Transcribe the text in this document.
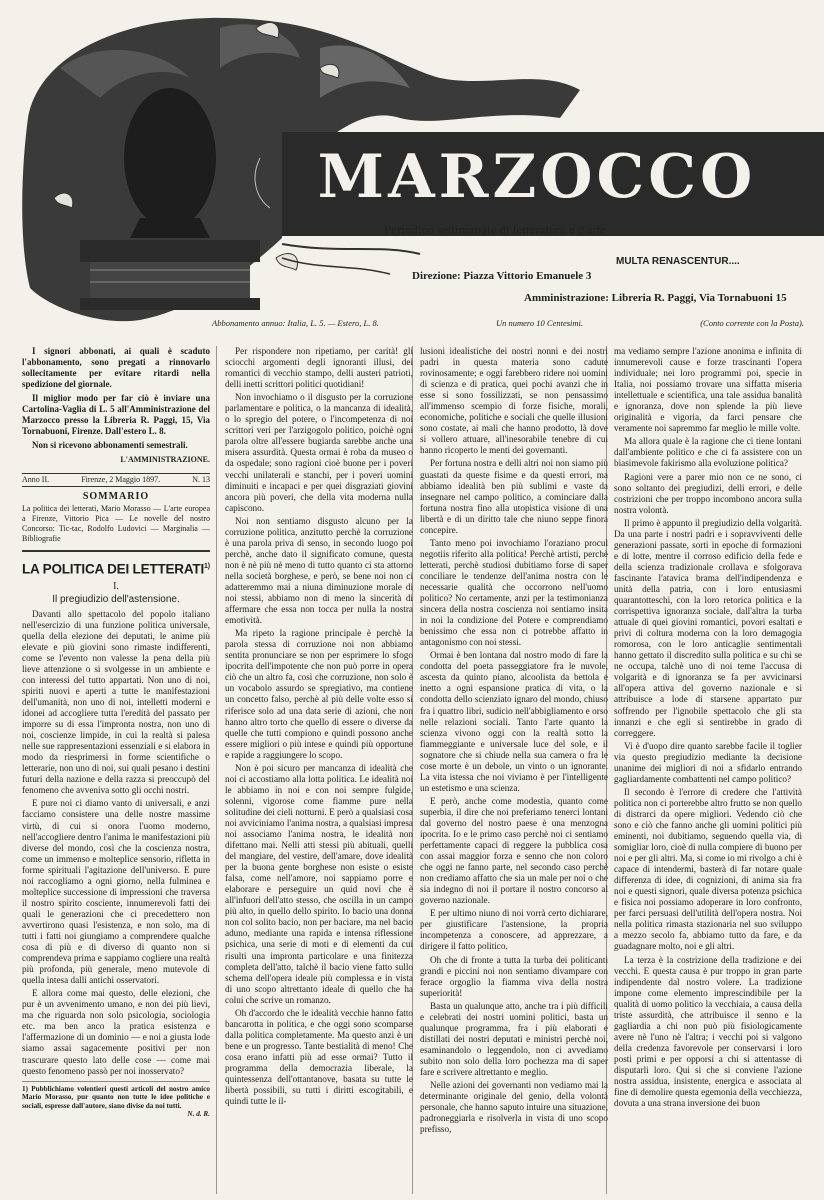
MARZOCCO
Periodico settimanale di letteratura e d'arte
MULTA RENASCENTUR....
Direzione: Piazza Vittorio Emanuele 3
Amministrazione: Libreria R. Paggi, Via Tornabuoni 15
Abbonamento annuo: Italia, L. 5. — Estero, L. 8.	Un numero 10 Centesimi.	(Conto corrente con la Posta).

I signori abbonati, ai quali è scaduto l'abbonamento, sono pregati a rinnovarlo sollecitamente per evitare ritardi nella spedizione del giornale.

Il miglior modo per far ciò è inviare una Cartolina-Vaglia di L. 5 all'Amministrazione del Marzocco presso la Libreria R. Paggi, 15, Via Tornabuoni, Firenze. Dall'estero L. 8.

Non si ricevono abbonamenti semestrali.

L'AMMINISTRAZIONE.

Anno II.	Firenze, 2 Maggio 1897.	N. 13
SOMMARIO
La politica dei letterati, Mario Morasso — L'arte europea a Firenze, Vittorio Pica — Le novelle del nostro Concorso: Tic-tac, Rodolfo Ludovici — Marginalia — Bibliografie
LA POLITICA DEI LETTERATI$^{1)}$
I.
Il pregiudizio dell'astensione.

Davanti allo spettacolo del popolo italiano nell'esercizio di una funzione politica universale, quella della elezione dei deputati, le anime più elevate e più giovini sono rimaste indifferenti, come se l'evento non valesse la pena della più lieve attenzione o si svolgesse in un ambiente e con interessi del tutto appartati. Non uno di noi, spiriti nuovi e aperti a tutte le manifestazioni dell'umanità, non uno di noi, intelletti moderni e idonei ad accogliere tutta l'eredità del passato per imporre su di essa l'impronta nostra, non uno di noi, coscienze limpide, in cui la realtà si palesa nelle sue rappresentazioni essenziali e si elabora in modo da riesprimersi in forme scientifiche o letterarie, non uno di noi, sui quali pesano i destini futuri della nazione e della razza si preoccupò del fenomeno che avveniva sotto gli occhi nostri.

E pure noi ci diamo vanto di universali, e anzi facciamo consistere una delle nostre massime virtù, di cui si onora l'uomo moderno, nell'accogliere dentro l'anima le manifestazioni più diverse del mondo, così che la coscienza nostra, come un immenso e molteplice sensorio, rifletta in forme spirituali l'agitazione dell'universo. E pure noi raccogliamo a ogni giorno, nella fulminea e molteplice successione di impressioni che traversa il nostro spirito cosciente, innumerevoli fatti dei quali le generazioni che ci precedettero non avvertirono quasi l'esistenza, e non solo, ma di tutti i fatti noi giungiamo a comprendere qualche cosa di più e di diverso di quanto non si comprendeva prima e sappiamo cogliere una realtà più profonda, più generale, meno mutevole di quella intesa dalli antichi osservatori.

E allora come mai questo, delle elezioni, che pur è un avvenimento umano, e non dei più lievi, ma che riguarda non solo psicologia, sociologia etc. ma ben anco la pratica esistenza e l'affermazione di un dominio — e noi a giusta lode siamo assai sagacemente positivi per non trascurare questo lato delle cose — come mai questo fenomeno passò per noi inosservato?

1) Pubblichiamo volentieri questi articoli del nostro amico Mario Morasso, pur quanto non tutte le idee politiche e sociali, espresse dall'autore, siano divise da noi tutti.
N. d. R.

Per rispondere non ripetiamo, per carità! gli sciocchi argomenti degli ignoranti illusi, dei romantici di vecchio stampo, delli austeri patrioti, delli inetti scrittori politici quotidiani!

Non invochiamo o il disgusto per la corruzione parlamentare e politica, o la mancanza di idealità, o lo spregio del potere, o l'incompetenza di noi scrittori veri per l'arzigogolo politico, poichè ogni parola oltre all'essere bugiarda sarebbe anche una misera assurdità. Questa ormai è roba da museo o da ospedale; sono ragioni cioè buone per i poveri vecchi unilaterali e stanchi, per i poveri uomini diminuiti e incapaci e per quei disgraziati giovini ancora più poveri, che della vita moderna nulla capiscono.

Noi non sentiamo disgusto alcuno per la corruzione politica, anzitutto perchè la corruzione è una parola priva di senso, in secondo luogo poi perchè, anche dato il significato comune, questa non è nè più nè meno di tutto quanto ci sta attorno nella società borghese, e però, se bene noi non ci adatteremmo mai a niuna diminuzione morale di noi stessi, abbiamo non di meno la sincerità di affermare che essa non tocca per nulla la nostra emotività.

Ma ripeto la ragione principale è perchè la parola stessa di corruzione noi non abbiamo sentita pronunciare se non per esprimere lo sfogo ipocrita dell'impotente che non può porre in opera ciò che un altro fa, così che corruzione, non solo è un vocabolo assurdo se spregiativo, ma contiene un concetto falso, perchè al più delle volte esso si riferisce solo ad una data serie di azioni, che non hanno altro torto che quello di essere o diverse da quelle che tutti compiono e quindi possono anche essere migliori o più intese e quindi più opportune e rapide a raggiungere lo scopo.

Non è poi sicuro per mancanza di idealità che noi ci accostiamo alla lotta politica. Le idealità noi le abbiamo in noi e con noi sempre fulgide, solenni, vigorose come fiamme pure nella solitudine dei cieli notturni. E però a qualsiasi cosa noi avviciniamo l'anima nostra, a qualsiasi impresa noi associamo l'anima nostra, le idealità non difettano mai. Nelli atti stessi più abituali, quelli del mangiare, del vestire, dell'amare, dove idealità per la buona gente borghese non esiste o esiste falsa, come nell'amore, noi sappiamo porre e elaborare e perseguire un quid novi che è all'infuori dell'atto stesso, che oscilla in un campo più alto, in quello dello spirito. Io bacio una donna non col solito bacio, non per baciare, ma nel bacio aduno, mediante una rapida e intensa riflessione psichica, una serie di moti e di elementi da cui risulti una impronta particolare e una finitezza completa dell'atto, talchè il bacio viene fatto sullo schema dell'opera ideale più complessa e in vista di uno scopo altrettanto ideale di quello che ha colui che scrive un romanzo.

Oh d'accordo che le idealità vecchie hanno fatto bancarotta in politica, e che oggi sono scomparse dalla politica completamente. Ma questo anzi è un bene e un progresso. Tante bestialità di meno! Che cosa erano infatti più ad esse ormai? Tutto il programma della democrazia liberale, la quintessenza dell'ottantanove, basata su tutte le libertà possibili, su tutti i diritti escogitabili, e quindi tutte le il-

lusioni idealistiche dei nostri nonni e dei nostri padri in questa materia sono cadute rovinosamente; e oggi farebbero ridere noi uomini di scienza e di pratica, quei pochi avanzi che in esse si sono fossilizzati, se non pensassimo all'immenso scempio di forze fisiche, morali, economiche, politiche e sociali che quelle illusioni sono costate, ai mali che hanno prodotto, là dove si vollero attuare, all'inesorabile tenebre di cui hanno ricoperto le menti dei governanti.

Per fortuna nostra e delli altri noi non siamo più guastati da queste fisime e da questi errori, ma abbiamo idealità ben più sublimi e vaste da insegnare nel campo politico, a cominciare dalla fortuna nostra fino alla utopistica visione di una libertà e di un diritto tale che niuno seppe finora concepire.

Tanto meno poi invochiamo l'oraziano procul negotiis riferito alla politica! Perchè artisti, perchè letterati, perchè studiosi dubitiamo forse di saper conciliare le tendenze dell'anima nostra con le necessarie qualità che occorrono nell'uomo politico? No certamente, anzi per la testimonianza sincera della nostra coscienza noi sentiamo insita in noi la condizione del Potere e comprendiamo benissimo che essa non ci potrebbe affatto in antagonismo con noi stessi.

Ormai è ben lontana dal nostro modo di fare la condotta del poeta passeggiatore fra le nuvole, ascesta da quinto piano, alcoolista da bettola e inetto a ogni espansione pratica di vita, o la condotta dello scienziato ignaro del mondo, chiuso fra i quattro libri, sudicio nell'abbigliamento e orso nelle relazioni sociali. Tanto l'arte quanto la scienza vivono oggi con la realtà sotto la fiammeggiante e universale luce del sole, e il sognatore che si chiude nella sua camera o fra le cose morte è un debole, un vinto o un ignorante. La vita istessa che noi viviamo è per l'intelligente un estetismo e una scienza.

E però, anche come modestia, quanto come superbia, il dire che noi preferiamo tenerci lontani dal governo del nostro paese è una menzogna ipocrita. Io e le primo caso perchè noi ci sentiamo perfettamente capaci di reggere la pubblica cosa con assai maggior forza e senno che non coloro che oggi ne fanno parte, nel secondo caso perchè non crediamo affatto che sia un male per noi o che sia indegno di noi il portare il nostro concorso al governo nazionale.

E per ultimo niuno di noi vorrà certo dichiarare, per giustificare l'astensione, la propria incompetenza a conoscere, ad apprezzare, a dirigere il fatto politico.

Oh che di fronte a tutta la turba dei politicanti grandi e piccini noi non sentiamo divampare con ferace orgoglio la fiamma viva della nostra superiorità!

Basta un qualunque atto, anche tra i più difficili e celebrati dei nostri uomini politici, basta un qualunque programma, fra i più elaborati e distillati dei nostri deputati e ministri perchè noi, esaminandolo o leggendolo, non ci avvediamo subito non solo della loro pochezza ma di saper fare e scrivere altrettanto e meglio.

Nelle azioni dei governanti non vediamo mai la determinante originale del genio, della volontà personale, che hanno saputo intuire una situazione, padroneggiarla e risolverla in vista di uno scopo prefisso,

ma vediamo sempre l'azione anonima e infinita di innumerevoli cause e forze trascinanti l'opera individuale; nei loro programmi poi, specie in Italia, noi possiamo trovare una siffatta miseria intellettuale e scientifica, una tale assidua banalità e ignoranza, dove non splende la più lieve originalità e vigoria, da farci pensare che veramente noi sapremmo far meglio le mille volte.

Ma allora quale è la ragione che ci tiene lontani dall'ambiente politico e che ci fa assistere con un biasimevole fakirismo alla evoluzione politica?

Ragioni vere a parer mio non ce ne sono, ci sono soltanto dei pregiudizi, delli errori, e delle costrizioni che per troppo incombono ancora sulla nostra volontà.

Il primo è appunto il pregiudizio della volgarità. Da una parte i nostri padri e i sopravviventi delle generazioni passate, sorti in epoche di formazioni e di lotte, mentre il corroso edificio della fede e della scienza tradizionale crollava e sfolgorava fascinante l'atavica brama dell'indipendenza e unità della patria, con i loro entusiasmi quarantotteschi, con la loro retorica politica e la corrispettiva ignoranza sociale, dall'altra la turba attuale di quei giovini romantici, povori esaltati e privi di coltura moderna con la loro demagogia romorosa, con le loro anticaglie sentimentali hanno gettato il discredito sulla politica e su chi se ne occupa, talchè uno di noi teme l'accusa di volgarità e di ignoranza se fa per avvicinarsi all'opera attiva del governo nazionale e si attribuisce a lode di starsene appartato pur soffrendo per l'ignobile spettacolo che gli sta innanzi e che egli si sentirebbe in grado di correggere.

Vi è d'uopo dire quanto sarebbe facile il toglier via questo pregiudizio mediante la decisione unanime dei migliori di noi a sfidarlo entrando gagliardamente combattenti nel campo politico?

Il secondo è l'errore di credere che l'attività politica non ci porterebbe altro frutto se non quello di distrarci da opere migliori. Vedendo ciò che sono e ciò che fanno anche gli uomini politici più eminenti, noi dubitiamo, seguendo quella via, di somigliar loro, cioè di nulla compiere di buono per noi e per gli altri. Ma, si come io mi rivolgo a chi è capace di intendermi, basterà di far notare quale differenza di idee, di cognizioni, di anima sia fra noi e questi signori, quale diversa potenza psichica e fisica noi possiamo adoperare in loro confronto, per farci persuasi dell'utilità dell'opera nostra. Noi nella politica rimasta stazionaria nel suo sviluppo a mezzo secolo fa, abbiamo tutto da fare, e da guadagnare molto, noi e gli altri.

La terza è la costrizione della tradizione e dei vecchi. E questa causa è pur troppo in gran parte indipendente dal nostro volere. La tradizione impone come elemento imprescindibile per la qualità di uomo politico la vecchiaia, a causa della triste assurdità, che attribuisce il senno e la gagliardia a chi non può più fisiologicamente avere nè l'uno nè l'altra; i vecchi poi si valgono della credenza favorevole per conservarsi i loro posti primi e per opporsi a chi si attentasse di disputarli loro. Qui si che si conviene l'azione nostra assidua, insistente, energica e associata al fine di demolire questa egemonia della vecchiezza, dovuta a una strana inversione dei buon
